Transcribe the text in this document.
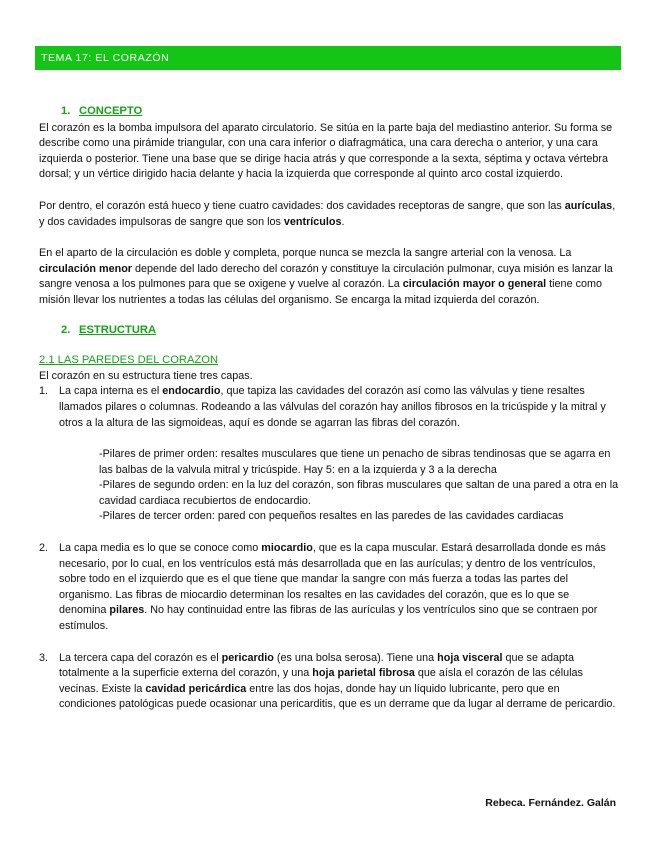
TEMA 17: EL CORAZÓN
1. CONCEPTO

El corazón es la bomba impulsora del aparato circulatorio. Se sitúa en la parte baja del mediastino anterior. Su forma se describe como una pirámide triangular, con una cara inferior o diafragmática, una cara derecha o anterior, y una cara izquierda o posterior. Tiene una base que se dirige hacia atrás y que corresponde a la sexta, séptima y octava vértebra dorsal; y un vértice dirigido hacia delante y hacia la izquierda que corresponde al quinto arco costal izquierdo.

Por dentro, el corazón está hueco y tiene cuatro cavidades: dos cavidades receptoras de sangre, que son las aurículas, y dos cavidades impulsoras de sangre que son los ventrículos.

En el aparto de la circulación es doble y completa, porque nunca se mezcla la sangre arterial con la venosa. La circulación menor depende del lado derecho del corazón y constituye la circulación pulmonar, cuya misión es lanzar la sangre venosa a los pulmones para que se oxigene y vuelve al corazón. La circulación mayor o general tiene como misión llevar los nutrientes a todas las células del organismo. Se encarga la mitad izquierda del corazón.

2. ESTRUCTURA
2.1 LAS PAREDES DEL CORAZON

El corazón en su estructura tiene tres capas.

1. La capa interna es el endocardio, que tapiza las cavidades del corazón así como las válvulas y tiene resaltes llamados pilares o columnas. Rodeando a las válvulas del corazón hay anillos fibrosos en la tricúspide y la mitral y otros a la altura de las sigmoideas, aquí es donde se agarran las fibras del corazón.

-Pilares de primer orden: resaltes musculares que tiene un penacho de sibras tendinosas que se agarra en las balbas de la valvula mitral y tricúspide. Hay 5: en a la izquierda y 3 a la derecha

-Pilares de segundo orden: en la luz del corazón, son fibras musculares que saltan de una pared a otra en la cavidad cardiaca recubiertos de endocardio.

-Pilares de tercer orden: pared con pequeños resaltes en las paredes de las cavidades cardiacas

2. La capa media es lo que se conoce como miocardio, que es la capa muscular. Estará desarrollada donde es más necesario, por lo cual, en los ventrículos está más desarrollada que en las aurículas; y dentro de los ventrículos, sobre todo en el izquierdo que es el que tiene que mandar la sangre con más fuerza a todas las partes del organismo. Las fibras de miocardio determinan los resaltes en las cavidades del corazón, que es lo que se denomina pilares. No hay continuidad entre las fibras de las aurículas y los ventrículos sino que se contraen por estímulos.
3. La tercera capa del corazón es el pericardio (es una bolsa serosa). Tiene una hoja visceral que se adapta totalmente a la superficie externa del corazón, y una hoja parietal fibrosa que aísla el corazón de las células vecinas. Existe la cavidad pericárdica entre las dos hojas, donde hay un líquido lubricante, pero que en condiciones patológicas puede ocasionar una pericarditis, que es un derrame que da lugar al derrame de pericardio.
Rebeca. Fernández. Galán
